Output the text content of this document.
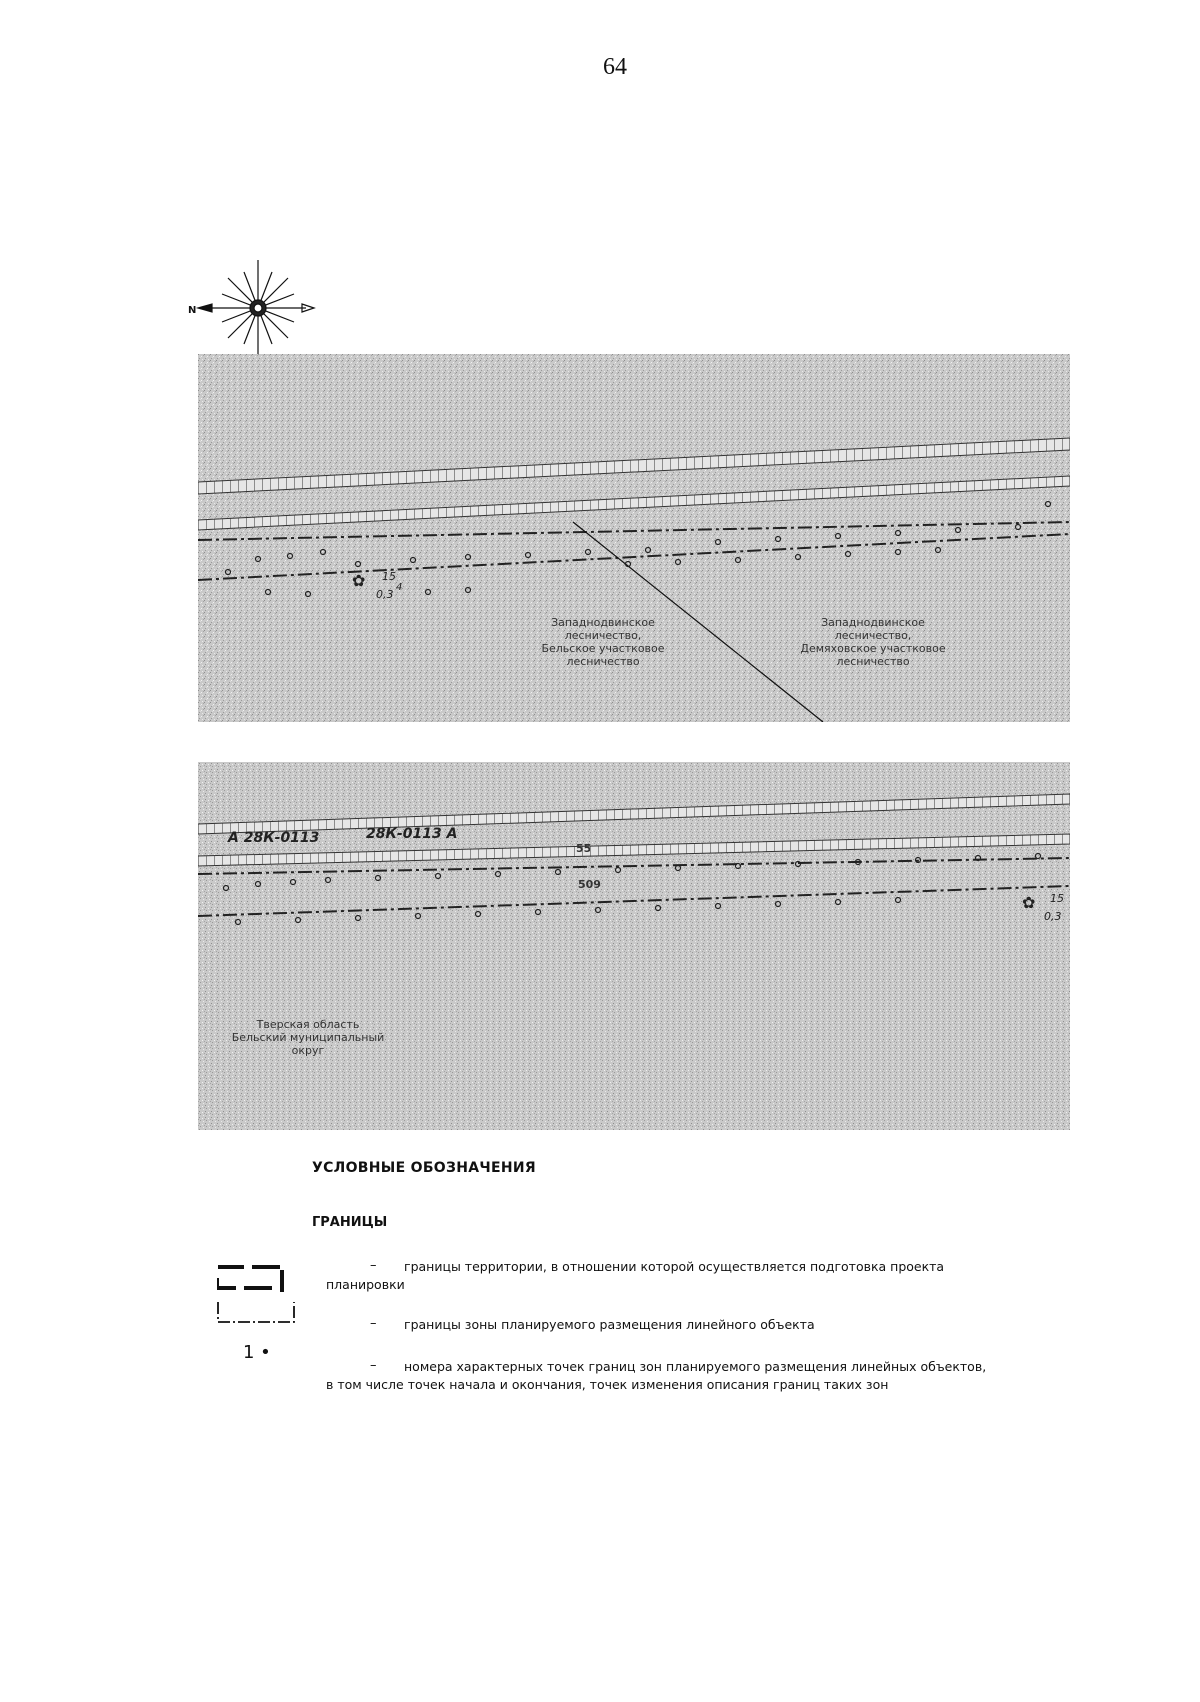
64
N
✿ 15
4
0,3
Западнодвинское
лесничество,
Бельское участковое
лесничество
Западнодвинское
лесничество,
Демяховское участковое
лесничество
✿ 15
0,3
А 28К-0113	28К-0113 А
55
509
Тверская область
Бельский муниципальный округ
УСЛОВНЫЕ ОБОЗНАЧЕНИЯ
ГРАНИЦЫ
– границы территории, в отношении которой осуществляется подготовка проекта
планировки
– границы зоны планируемого размещения линейного объекта
1 •
– номера характерных точек границ зон планируемого размещения линейных объектов,
в том числе точек начала и окончания, точек изменения описания границ таких зон
